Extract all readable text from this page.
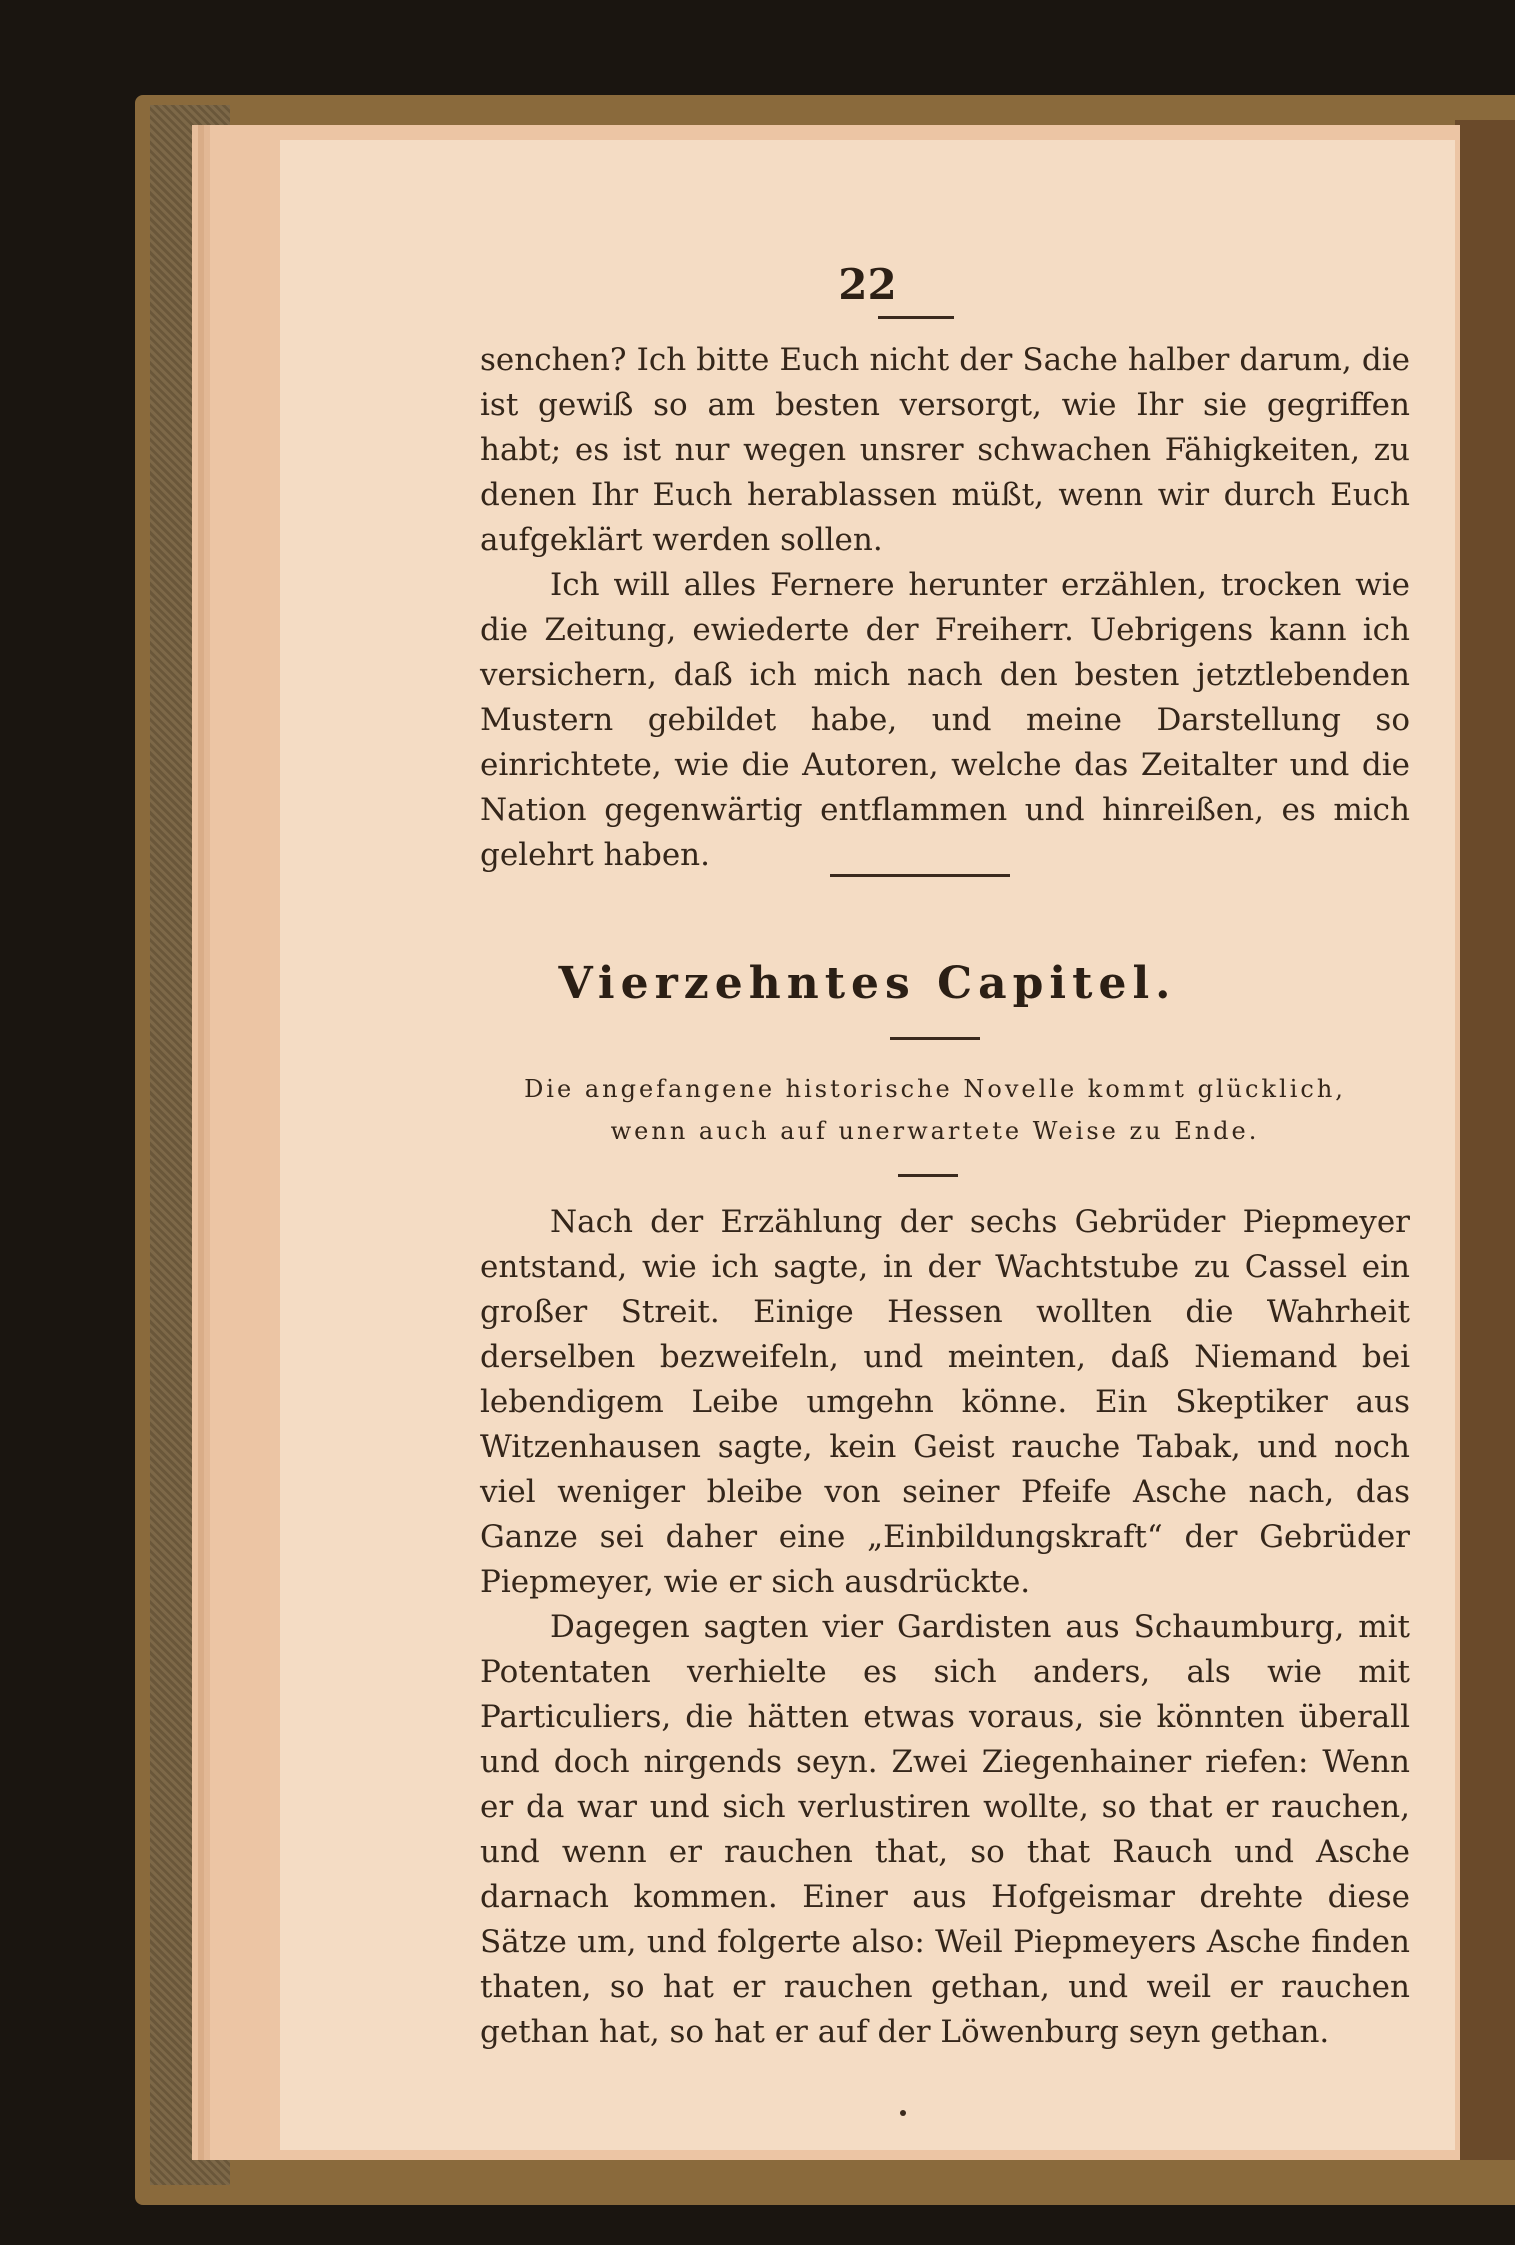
22

senchen? Ich bitte Euch nicht der Sache halber darum, die ist gewiß so am besten versorgt, wie Ihr sie gegriffen habt; es ist nur wegen unsrer schwachen Fähigkeiten, zu denen Ihr Euch herablassen müßt, wenn wir durch Euch aufgeklärt werden sollen.

Ich will alles Fernere herunter erzählen, trocken wie die Zeitung, ewiederte der Freiherr. Uebrigens kann ich versichern, daß ich mich nach den besten jetztlebenden Mustern gebildet habe, und meine Darstellung so einrichtete, wie die Autoren, welche das Zeitalter und die Nation gegenwärtig entflammen und hinreißen, es mich gelehrt haben.

Vierzehntes Capitel.
Die angefangene historische Novelle kommt glücklich,
wenn auch auf unerwartete Weise zu Ende.

Nach der Erzählung der sechs Gebrüder Piepmeyer entstand, wie ich sagte, in der Wachtstube zu Cassel ein großer Streit. Einige Hessen wollten die Wahrheit derselben bezweifeln, und meinten, daß Niemand bei lebendigem Leibe umgehn könne. Ein Skeptiker aus Witzenhausen sagte, kein Geist rauche Tabak, und noch viel weniger bleibe von seiner Pfeife Asche nach, das Ganze sei daher eine „Einbildungskraft“ der Gebrüder Piepmeyer, wie er sich ausdrückte.

Dagegen sagten vier Gardisten aus Schaumburg, mit Potentaten verhielte es sich anders, als wie mit Particuliers, die hätten etwas voraus, sie könnten überall und doch nirgends seyn. Zwei Ziegenhainer riefen: Wenn er da war und sich verlustiren wollte, so that er rauchen, und wenn er rauchen that, so that Rauch und Asche darnach kommen. Einer aus Hofgeismar drehte diese Sätze um, und folgerte also: Weil Piepmeyers Asche finden thaten, so hat er rauchen gethan, und weil er rauchen gethan hat, so hat er auf der Löwenburg seyn gethan.
